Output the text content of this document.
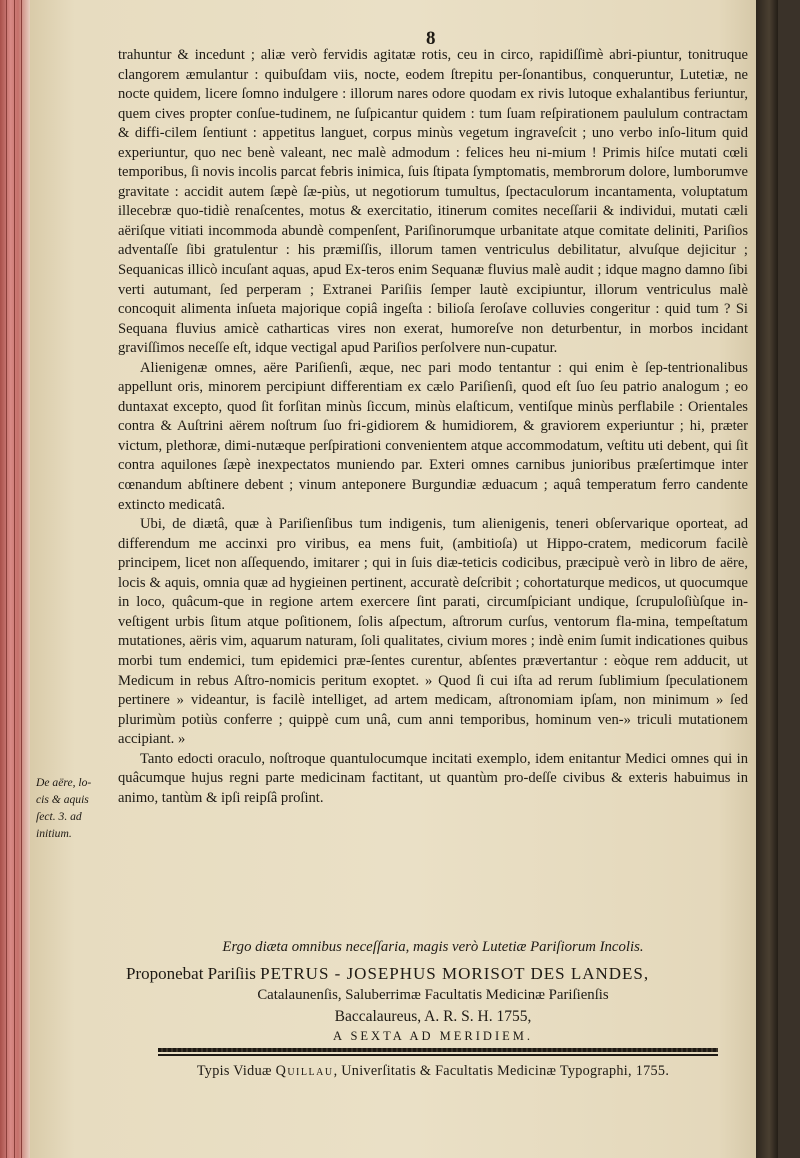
8

trahuntur & incedunt ; aliæ verò fervidis agitatæ rotis, ceu in circo, rapidiſſimè abri-piuntur, tonitruque clangorem æmulantur : quibuſdam viis, nocte, eodem ſtrepitu per-ſonantibus, conqueruntur, Lutetiæ, ne nocte quidem, licere ſomno indulgere : illorum nares odore quodam ex rivis lutoque exhalantibus feriuntur, quem cives propter conſue-tudinem, ne ſuſpicantur quidem : tum ſuam reſpirationem paululum contractam & diffi-cilem ſentiunt : appetitus languet, corpus minùs vegetum ingraveſcit ; uno verbo inſo-litum quid experiuntur, quo nec benè valeant, nec malè admodum : felices heu ni-mium ! Primis hiſce mutati cœli temporibus, ſi novis incolis parcat febris inimica, ſuis ſtipata ſymptomatis, membrorum dolore, lumborumve gravitate : accidit autem ſæpè ſæ-piùs, ut negotiorum tumultus, ſpectaculorum incantamenta, voluptatum illecebræ quo-tidiè renaſcentes, motus & exercitatio, itinerum comites neceſſarii & individui, mutati cæli aëriſque vitiati incommoda abundè compenſent, Pariſinorumque urbanitate atque comitate deliniti, Pariſios adventaſſe ſibi gratulentur : his præmiſſis, illorum tamen ventriculus debilitatur, alvuſque dejicitur ; Sequanicas illicò incuſant aquas, apud Ex-teros enim Sequanæ fluvius malè audit ; idque magno damno ſibi verti autumant, ſed perperam ; Extranei Pariſiis ſemper lautè excipiuntur, illorum ventriculus malè concoquit alimenta inſueta majorique copiâ ingeſta : bilioſa ſeroſave colluvies congeritur : quid tum ? Si Sequana fluvius amicè catharticas vires non exerat, humoreſve non deturbentur, in morbos incidant graviſſimos neceſſe eſt, idque vectigal apud Pariſios perſolvere nun-cupatur.

Alienigenæ omnes, aëre Pariſienſi, æque, nec pari modo tentantur : qui enim è ſep-tentrionalibus appellunt oris, minorem percipiunt differentiam ex cælo Pariſienſi, quod eſt ſuo ſeu patrio analogum ; eo duntaxat excepto, quod ſit forſitan minùs ſiccum, minùs elaſticum, ventiſque minùs perflabile : Orientales contra & Auſtrini aërem noſtrum ſuo fri-gidiorem & humidiorem, & graviorem experiuntur ; hi, præter victum, plethoræ, dimi-nutæque perſpirationi convenientem atque accommodatum, veſtitu uti debent, qui ſit contra aquilones ſæpè inexpectatos muniendo par. Exteri omnes carnibus junioribus præſertimque inter cœnandum abſtinere debent ; vinum anteponere Burgundiæ æduacum ; aquâ temperatum ferro candente extincto medicatâ.

Ubi, de diætâ, quæ à Pariſienſibus tum indigenis, tum alienigenis, teneri obſervarique oporteat, ad differendum me accinxi pro viribus, ea mens fuit, (ambitioſa) ut Hippo-cratem, medicorum facilè principem, licet non aſſequendo, imitarer ; qui in ſuis diæ-teticis codicibus, præcipuè verò in libro de aëre, locis & aquis, omnia quæ ad hygieinen pertinent, accuratè deſcribit ; cohortaturque medicos, ut quocumque in loco, quâcum-que in regione artem exercere ſint parati, circumſpiciant undique, ſcrupuloſiùſque in-veſtigent urbis ſitum atque poſitionem, ſolis aſpectum, aſtrorum curſus, ventorum fla-mina, tempeſtatum mutationes, aëris vim, aquarum naturam, ſoli qualitates, civium mores ; indè enim ſumit indicationes quibus morbi tum endemici, tum epidemici præ-ſentes curentur, abſentes prævertantur : eòque rem adducit, ut Medicum in rebus Aſtro-nomicis peritum exoptet. » Quod ſi cui iſta ad rerum ſublimium ſpeculationem pertinere » videantur, is facilè intelliget, ad artem medicam, aſtronomiam ipſam, non minimum » ſed plurimùm potiùs conferre ; quippè cum unâ, cum anni temporibus, hominum ven-» triculi mutationem accipiant. »

Tanto edocti oraculo, noſtroque quantulocumque incitati exemplo, idem enitantur Medici omnes qui in quâcumque hujus regni parte medicinam factitant, ut quantùm pro-deſſe civibus & exteris habuimus in animo, tantùm & ipſi reipſâ proſint.

De aëre, lo-cis & aquis ſect. 3. ad initium.
Ergo diæta omnibus neceſſaria, magis verò Lutetiæ Pariſiorum Incolis.
Proponebat Pariſiis PETRUS - JOSEPHUS MORISOT DES LANDES,
Catalaunenſis, Saluberrimæ Facultatis Medicinæ Pariſienſis
Baccalaureus, A. R. S. H. 1755,
A SEXTA AD MERIDIEM.
Typis Viduæ Quillau, Univerſitatis & Facultatis Medicinæ Typographi, 1755.
